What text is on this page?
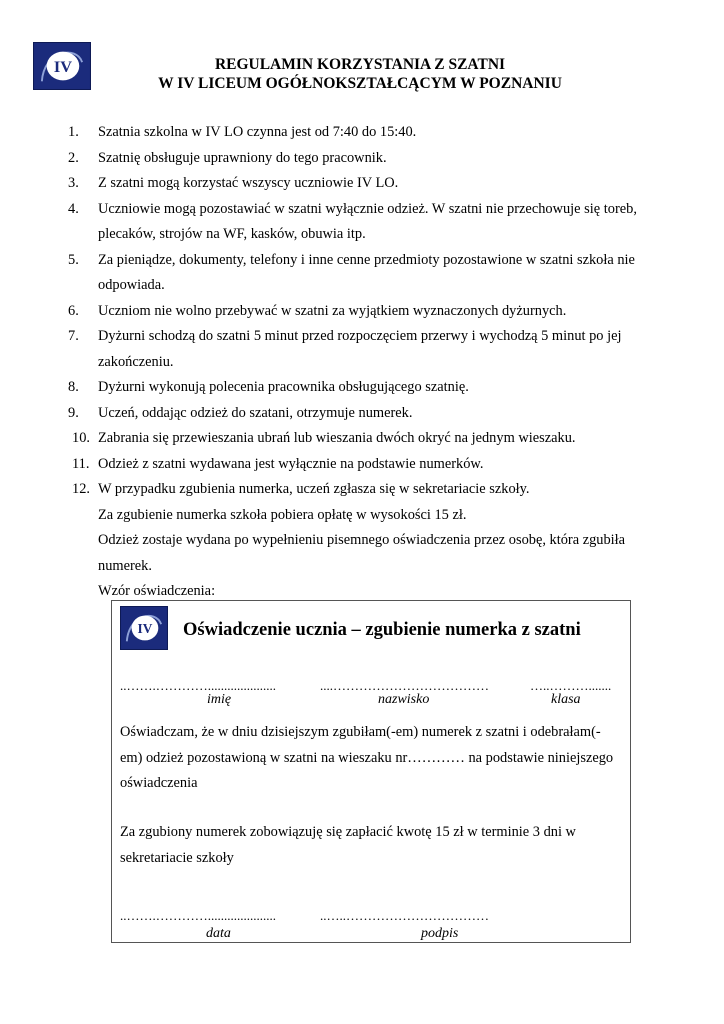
IV	REGULAMIN KORZYSTANIA Z SZATNI
W IV LICEUM OGÓŁNOKSZTAŁCĄCYM W POZNANIU
1.	Szatnia szkolna w IV LO czynna jest od 7:40 do 15:40.
2.	Szatnię obsługuje uprawniony do tego pracownik.
3.	Z szatni mogą korzystać wszyscy uczniowie IV LO.
4.	Uczniowie mogą pozostawiać w szatni wyłącznie odzież. W szatni nie przechowuje się toreb, plecaków, strojów na WF, kasków, obuwia itp.
5.	Za pieniądze, dokumenty, telefony i inne cenne przedmioty pozostawione w szatni szkoła nie odpowiada.
6.	Uczniom nie wolno przebywać w szatni za wyjątkiem wyznaczonych dyżurnych.
7.	Dyżurni schodzą do szatni 5 minut przed rozpoczęciem przerwy i wychodzą 5 minut po jej zakończeniu.
8.	Dyżurni wykonują polecenia pracownika obsługującego szatnię.
9.	Uczeń, oddając odzież do szatani, otrzymuje numerek.
10. Zabrania się przewieszania ubrań lub wieszania dwóch okryć na jednym wieszaku.
11. Odzież z szatni wydawana jest wyłącznie na podstawie numerków.
12. W przypadku zgubienia numerka, uczeń zgłasza się w sekretariacie szkoły.
Za zgubienie numerka szkoła pobiera opłatę w wysokości 15 zł.
Odzież zostaje wydana po wypełnieniu pisemnego oświadczenia przez osobę, która zgubiła numerek.
Wzór oświadczenia:
IV Oświadczenie ucznia – zgubienie numerka z szatni
..…….………….....................	....………………………………	…..……….......
imię	nazwisko	klasa
Oświadczam, że w dniu dzisiejszym zgubiłam(-em) numerek z szatni i odebrałam(-em) odzież pozostawioną w szatni na wieszaku nr………… na podstawie niniejszego oświadczenia
Za zgubiony numerek zobowiązuję się zapłacić kwotę 15 zł w terminie 3 dni w sekretariacie szkoły
..…….………….....................	..…..……………………………
data	podpis
